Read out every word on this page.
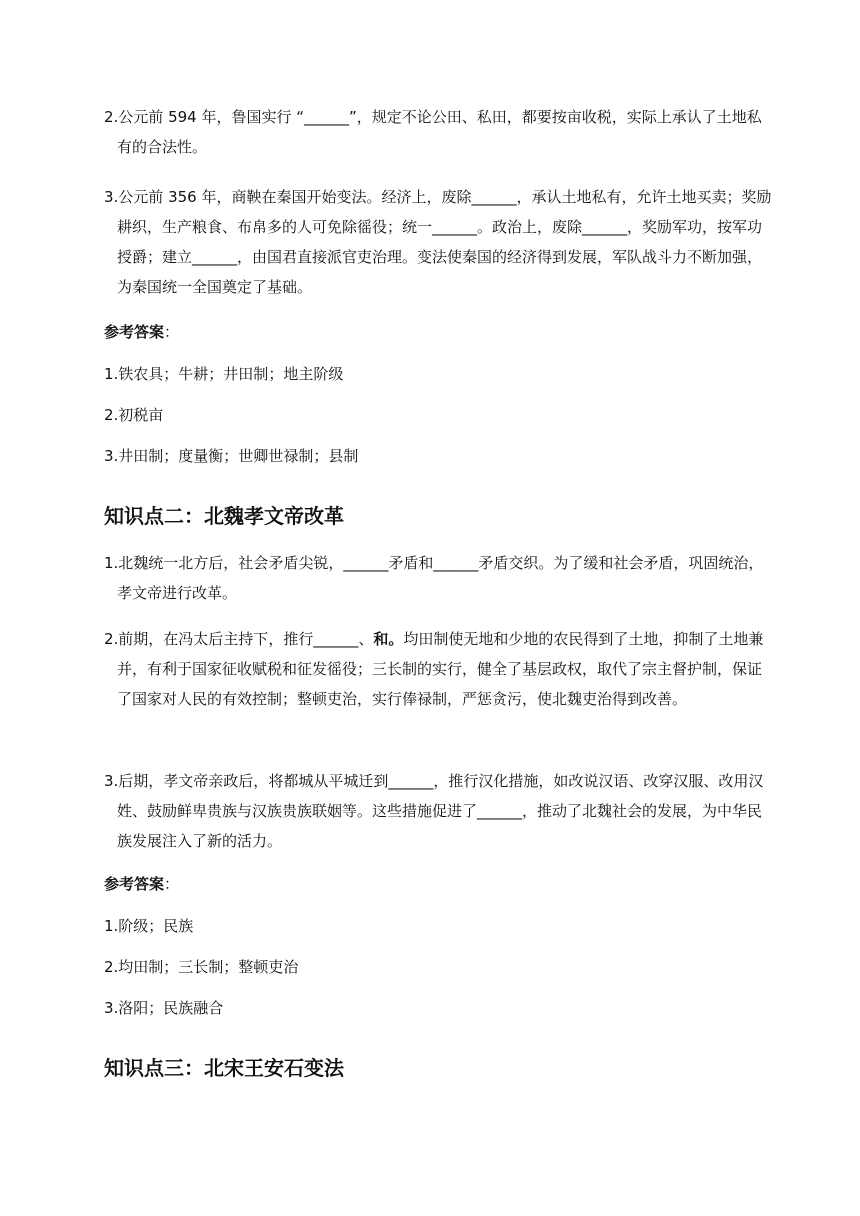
2.公元前 594 年，鲁国实行 “______”，规定不论公田、私田，都要按亩收税，实际上承认了土地私有的合法性。

3.公元前 356 年，商鞅在秦国开始变法。经济上，废除______，承认土地私有，允许土地买卖；奖励耕织，生产粮食、布帛多的人可免除徭役；统一______。政治上，废除______，奖励军功，按军功授爵；建立______，由国君直接派官吏治理。变法使秦国的经济得到发展，军队战斗力不断加强，为秦国统一全国奠定了基础。

参考答案：

1.铁农具；牛耕；井田制；地主阶级

2.初税亩

3.井田制；度量衡；世卿世禄制；县制

知识点二：北魏孝文帝改革

1.北魏统一北方后，社会矛盾尖锐，______矛盾和______矛盾交织。为了缓和社会矛盾，巩固统治，孝文帝进行改革。

2.前期，在冯太后主持下，推行______、和。均田制使无地和少地的农民得到了土地，抑制了土地兼并，有利于国家征收赋税和征发徭役；三长制的实行，健全了基层政权，取代了宗主督护制，保证了国家对人民的有效控制；整顿吏治，实行俸禄制，严惩贪污，使北魏吏治得到改善。

3.后期，孝文帝亲政后，将都城从平城迁到______，推行汉化措施，如改说汉语、改穿汉服、改用汉姓、鼓励鲜卑贵族与汉族贵族联姻等。这些措施促进了______，推动了北魏社会的发展，为中华民族发展注入了新的活力。

参考答案：

1.阶级；民族

2.均田制；三长制；整顿吏治

3.洛阳；民族融合

知识点三：北宋王安石变法
